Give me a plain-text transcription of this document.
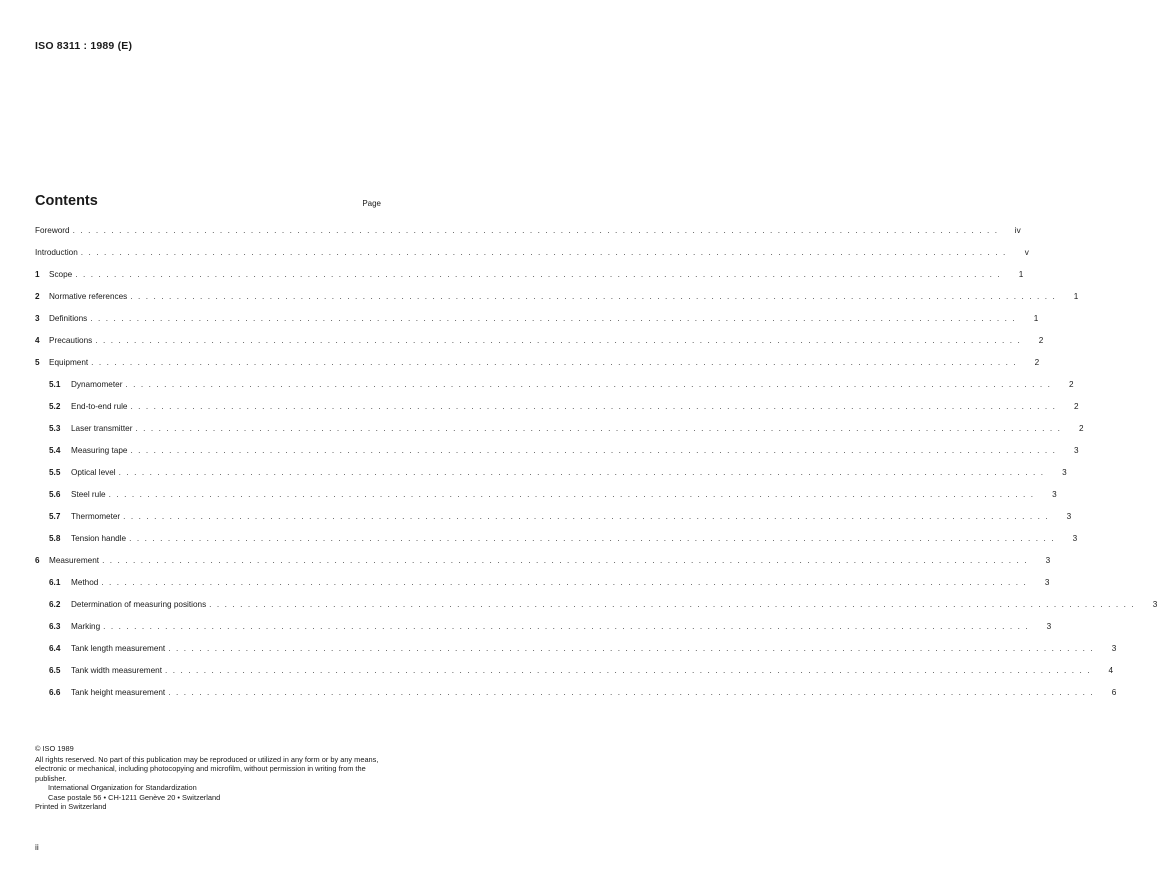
ISO 8311 : 1989 (E)
Contents	Page
Foreword . . . . . . . . . . . . . . . . . . . . . . . . . . . . . . . . . . . . . . . . . . . . . . . . . . . . . . . . . . . . . . . . . . . . . . . . . . . . . . . . . . . . . . . . . . . . . . . . . . . . . . . . . . . . . . . . . . . . . . . .	iv
Introduction . . . . . . . . . . . . . . . . . . . . . . . . . . . . . . . . . . . . . . . . . . . . . . . . . . . . . . . . . . . . . . . . . . . . . . . . . . . . . . . . . . . . . . . . . . . . . . . . . . . . . . . . . . . . . . . . . . . . . . . .	v
1	Scope . . . . . . . . . . . . . . . . . . . . . . . . . . . . . . . . . . . . . . . . . . . . . . . . . . . . . . . . . . . . . . . . . . . . . . . . . . . . . . . . . . . . . . . . . . . . . . . . . . . . . . . . . . . . . . . . . . . . . . . .	1
2	Normative references . . . . . . . . . . . . . . . . . . . . . . . . . . . . . . . . . . . . . . . . . . . . . . . . . . . . . . . . . . . . . . . . . . . . . . . . . . . . . . . . . . . . . . . . . . . . . . . . . . . . . . . . . . . . . . . . . . . . . . . .	1
3	Definitions . . . . . . . . . . . . . . . . . . . . . . . . . . . . . . . . . . . . . . . . . . . . . . . . . . . . . . . . . . . . . . . . . . . . . . . . . . . . . . . . . . . . . . . . . . . . . . . . . . . . . . . . . . . . . . . . . . . . . . . .	1
4	Precautions . . . . . . . . . . . . . . . . . . . . . . . . . . . . . . . . . . . . . . . . . . . . . . . . . . . . . . . . . . . . . . . . . . . . . . . . . . . . . . . . . . . . . . . . . . . . . . . . . . . . . . . . . . . . . . . . . . . . . . . .	2
5	Equipment . . . . . . . . . . . . . . . . . . . . . . . . . . . . . . . . . . . . . . . . . . . . . . . . . . . . . . . . . . . . . . . . . . . . . . . . . . . . . . . . . . . . . . . . . . . . . . . . . . . . . . . . . . . . . . . . . . . . . . . .	2
5.1	Dynamometer . . . . . . . . . . . . . . . . . . . . . . . . . . . . . . . . . . . . . . . . . . . . . . . . . . . . . . . . . . . . . . . . . . . . . . . . . . . . . . . . . . . . . . . . . . . . . . . . . . . . . . . . . . . . . . . . . . . . . . . .	2
5.2	End-to-end rule . . . . . . . . . . . . . . . . . . . . . . . . . . . . . . . . . . . . . . . . . . . . . . . . . . . . . . . . . . . . . . . . . . . . . . . . . . . . . . . . . . . . . . . . . . . . . . . . . . . . . . . . . . . . . . . . . . . . . . . .	2
5.3	Laser transmitter . . . . . . . . . . . . . . . . . . . . . . . . . . . . . . . . . . . . . . . . . . . . . . . . . . . . . . . . . . . . . . . . . . . . . . . . . . . . . . . . . . . . . . . . . . . . . . . . . . . . . . . . . . . . . . . . . . . . . . . .	2
5.4	Measuring tape . . . . . . . . . . . . . . . . . . . . . . . . . . . . . . . . . . . . . . . . . . . . . . . . . . . . . . . . . . . . . . . . . . . . . . . . . . . . . . . . . . . . . . . . . . . . . . . . . . . . . . . . . . . . . . . . . . . . . . . .	3
5.5	Optical level . . . . . . . . . . . . . . . . . . . . . . . . . . . . . . . . . . . . . . . . . . . . . . . . . . . . . . . . . . . . . . . . . . . . . . . . . . . . . . . . . . . . . . . . . . . . . . . . . . . . . . . . . . . . . . . . . . . . . . . .	3
5.6	Steel rule . . . . . . . . . . . . . . . . . . . . . . . . . . . . . . . . . . . . . . . . . . . . . . . . . . . . . . . . . . . . . . . . . . . . . . . . . . . . . . . . . . . . . . . . . . . . . . . . . . . . . . . . . . . . . . . . . . . . . . . .	3
5.7	Thermometer . . . . . . . . . . . . . . . . . . . . . . . . . . . . . . . . . . . . . . . . . . . . . . . . . . . . . . . . . . . . . . . . . . . . . . . . . . . . . . . . . . . . . . . . . . . . . . . . . . . . . . . . . . . . . . . . . . . . . . . .	3
5.8	Tension handle . . . . . . . . . . . . . . . . . . . . . . . . . . . . . . . . . . . . . . . . . . . . . . . . . . . . . . . . . . . . . . . . . . . . . . . . . . . . . . . . . . . . . . . . . . . . . . . . . . . . . . . . . . . . . . . . . . . . . . . .	3
6	Measurement . . . . . . . . . . . . . . . . . . . . . . . . . . . . . . . . . . . . . . . . . . . . . . . . . . . . . . . . . . . . . . . . . . . . . . . . . . . . . . . . . . . . . . . . . . . . . . . . . . . . . . . . . . . . . . . . . . . . . . . .	3
6.1	Method . . . . . . . . . . . . . . . . . . . . . . . . . . . . . . . . . . . . . . . . . . . . . . . . . . . . . . . . . . . . . . . . . . . . . . . . . . . . . . . . . . . . . . . . . . . . . . . . . . . . . . . . . . . . . . . . . . . . . . . .	3
6.2	Determination of measuring positions . . . . . . . . . . . . . . . . . . . . . . . . . . . . . . . . . . . . . . . . . . . . . . . . . . . . . . . . . . . . . . . . . . . . . . . . . . . . . . . . . . . . . . . . . . . . . . . . . . . . . . . . . . . . . . . . . . . . . . . .	3
6.3	Marking . . . . . . . . . . . . . . . . . . . . . . . . . . . . . . . . . . . . . . . . . . . . . . . . . . . . . . . . . . . . . . . . . . . . . . . . . . . . . . . . . . . . . . . . . . . . . . . . . . . . . . . . . . . . . . . . . . . . . . . .	3
6.4	Tank length measurement . . . . . . . . . . . . . . . . . . . . . . . . . . . . . . . . . . . . . . . . . . . . . . . . . . . . . . . . . . . . . . . . . . . . . . . . . . . . . . . . . . . . . . . . . . . . . . . . . . . . . . . . . . . . . . . . . . . . . . . .	3
6.5	Tank width measurement . . . . . . . . . . . . . . . . . . . . . . . . . . . . . . . . . . . . . . . . . . . . . . . . . . . . . . . . . . . . . . . . . . . . . . . . . . . . . . . . . . . . . . . . . . . . . . . . . . . . . . . . . . . . . . . . . . . . . . . .	4
6.6	Tank height measurement . . . . . . . . . . . . . . . . . . . . . . . . . . . . . . . . . . . . . . . . . . . . . . . . . . . . . . . . . . . . . . . . . . . . . . . . . . . . . . . . . . . . . . . . . . . . . . . . . . . . . . . . . . . . . . . . . . . . . . . .	6
© ISO 1989
All rights reserved. No part of this publication may be reproduced or utilized in any form or by any means, electronic or mechanical, including photocopying and microfilm, without permission in writing from the publisher.
International Organization for Standardization
Case postale 56 • CH-1211 Genève 20 • Switzerland
Printed in Switzerland
ii
